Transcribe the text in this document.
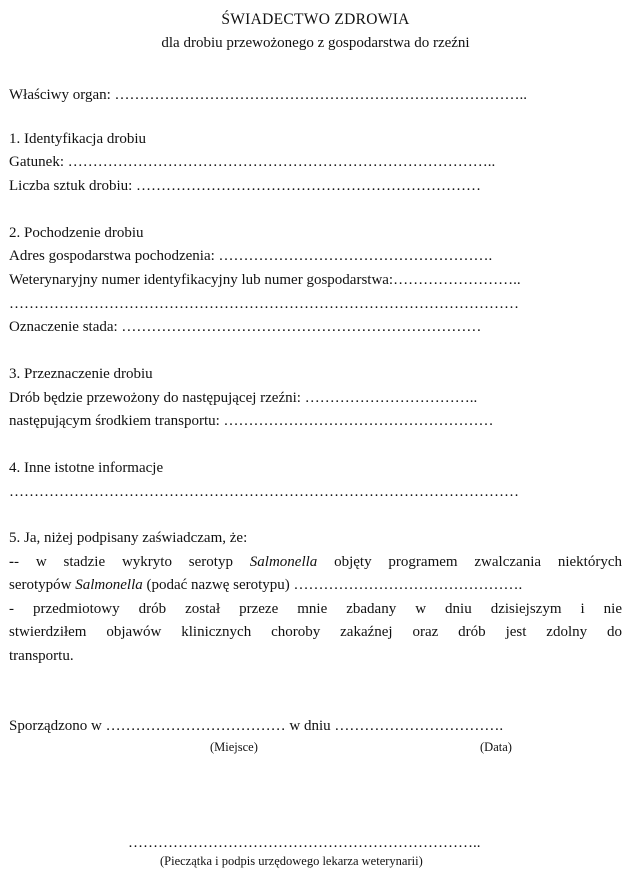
ŚWIADECTWO ZDROWIA
dla drobiu przewożonego z gospodarstwa do rzeźni
Właściwy organ: ………………………………………………………………………..
1. Identyfikacja drobiu
Gatunek: …………………………………………………………………………..
Liczba sztuk drobiu: ……………………………………………………………
2. Pochodzenie drobiu
Adres gospodarstwa pochodzenia: ……………………………………………….
Weterynaryjny numer identyfikacyjny lub numer gospodarstwa:……………………..
…………………………………………………………………………………………
Oznaczenie stada: ………………………………………………………………
3. Przeznaczenie drobiu
Drób będzie przewożony do następującej rzeźni: ……………………………..
następującym środkiem transportu: ………………………………………………
4. Inne istotne informacje
…………………………………………………………………………………………
5. Ja, niżej podpisany zaświadczam, że:
-- w stadzie wykryto serotyp Salmonella objęty programem zwalczania niektórych
serotypów Salmonella (podać nazwę serotypu) ……………………………………….
- przedmiotowy drób został przeze mnie zbadany w dniu dzisiejszym i nie
stwierdziłem objawów klinicznych choroby zakaźnej oraz drób jest zdolny do
transportu.
Sporządzono w ……………………………… w dniu …………………………….
(Miejsce)	(Data)
……………………………………………………………..
(Pieczątka i podpis urzędowego lekarza weterynarii)
